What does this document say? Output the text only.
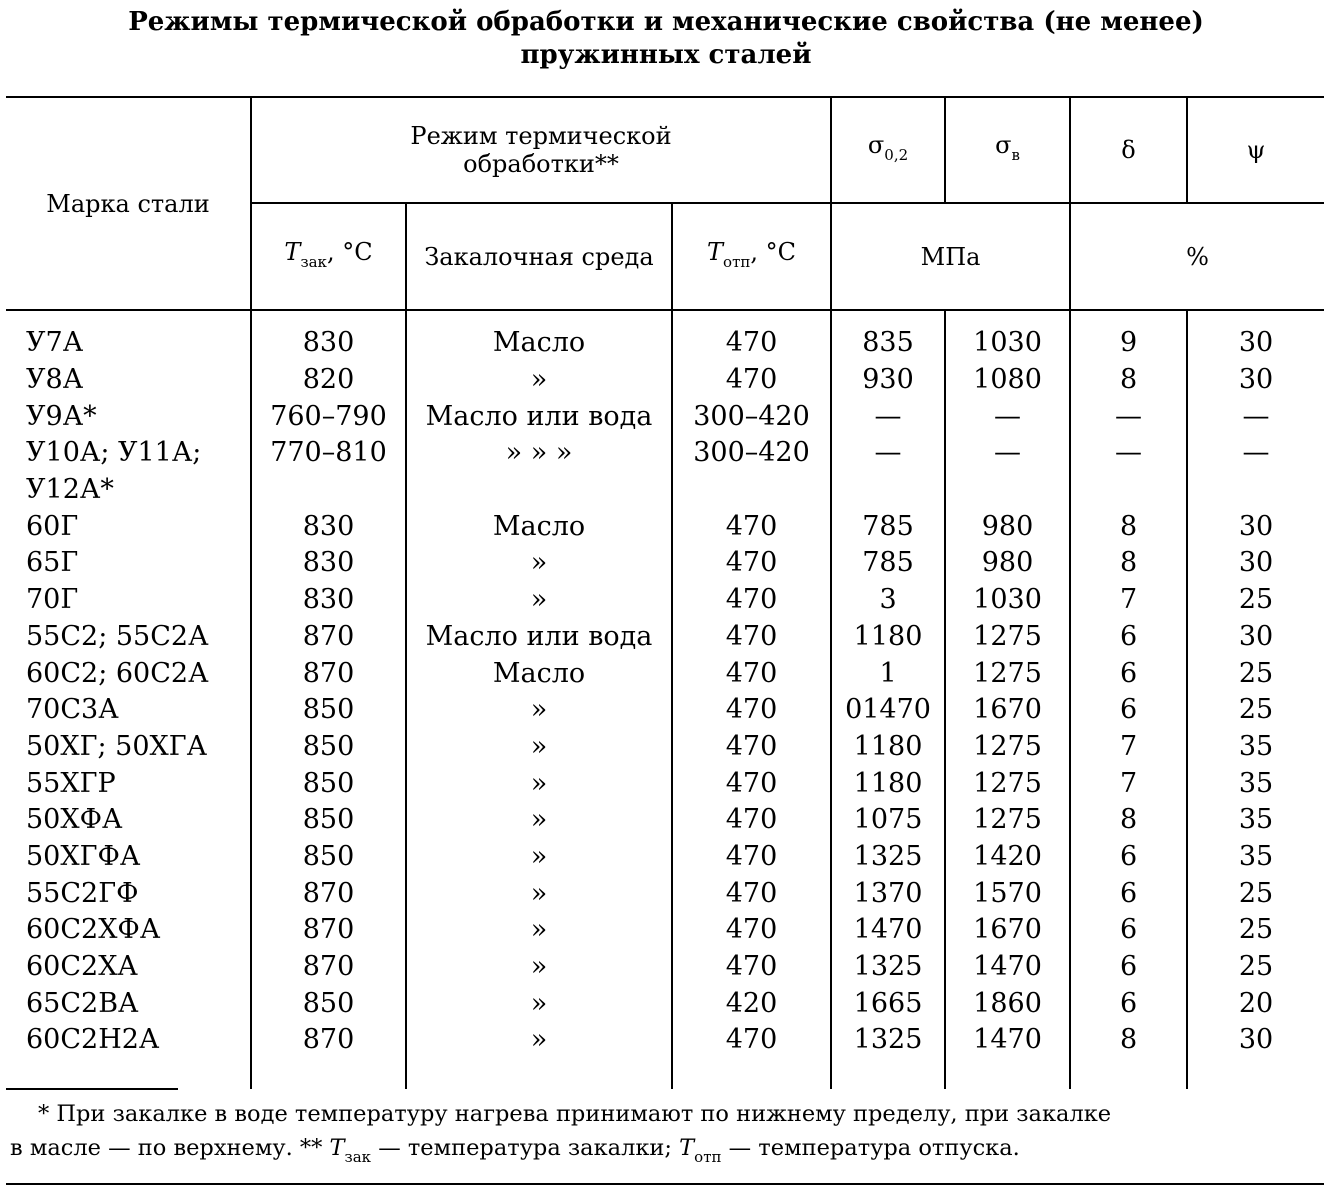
Режимы термической обработки и механические свойства (не менее)
пружинных сталей
Марка стали	Режим термической обработки**			$\sigma_{0,2}$	$\sigma_в$	δ	ψ
	$T_{зак}$, °С	Закалочная среда	$T_{отп}$, °С	МПа		%	

У7А	830	Масло	470	835	1030	9	30
У8А	820	»	470	930	1080	8	30
У9А*	760–790	Масло или вода	300–420	—	—	—	—
У10А; У11А;	770–810	» » »	300–420	—	—	—	—
У12А*							
60Г	830	Масло	470	785	980	8	30
65Г	830	»	470	785	980	8	30
70Г	830	»	470	3	1030	7	25
55С2; 55С2А	870	Масло или вода	470	1180	1275	6	30
60С2; 60С2А	870	Масло	470	1	1275	6	25
70С3А	850	»	470	01470	1670	6	25
50ХГ; 50ХГА	850	»	470	1180	1275	7	35
55ХГР	850	»	470	1180	1275	7	35
50ХФА	850	»	470	1075	1275	8	35
50ХГФА	850	»	470	1325	1420	6	35
55С2ГФ	870	»	470	1370	1570	6	25
60С2ХФА	870	»	470	1470	1670	6	25
60С2ХА	870	»	470	1325	1470	6	25
65С2ВА	850	»	420	1665	1860	6	20
60С2Н2А	870	»	470	1325	1470	8	30

* При закалке в воде температуру нагрева принимают по нижнему пределу, при закалке
в масле — по верхнему. ** $T_{зак}$ — температура закалки; $T_{отп}$ — температура отпуска.
